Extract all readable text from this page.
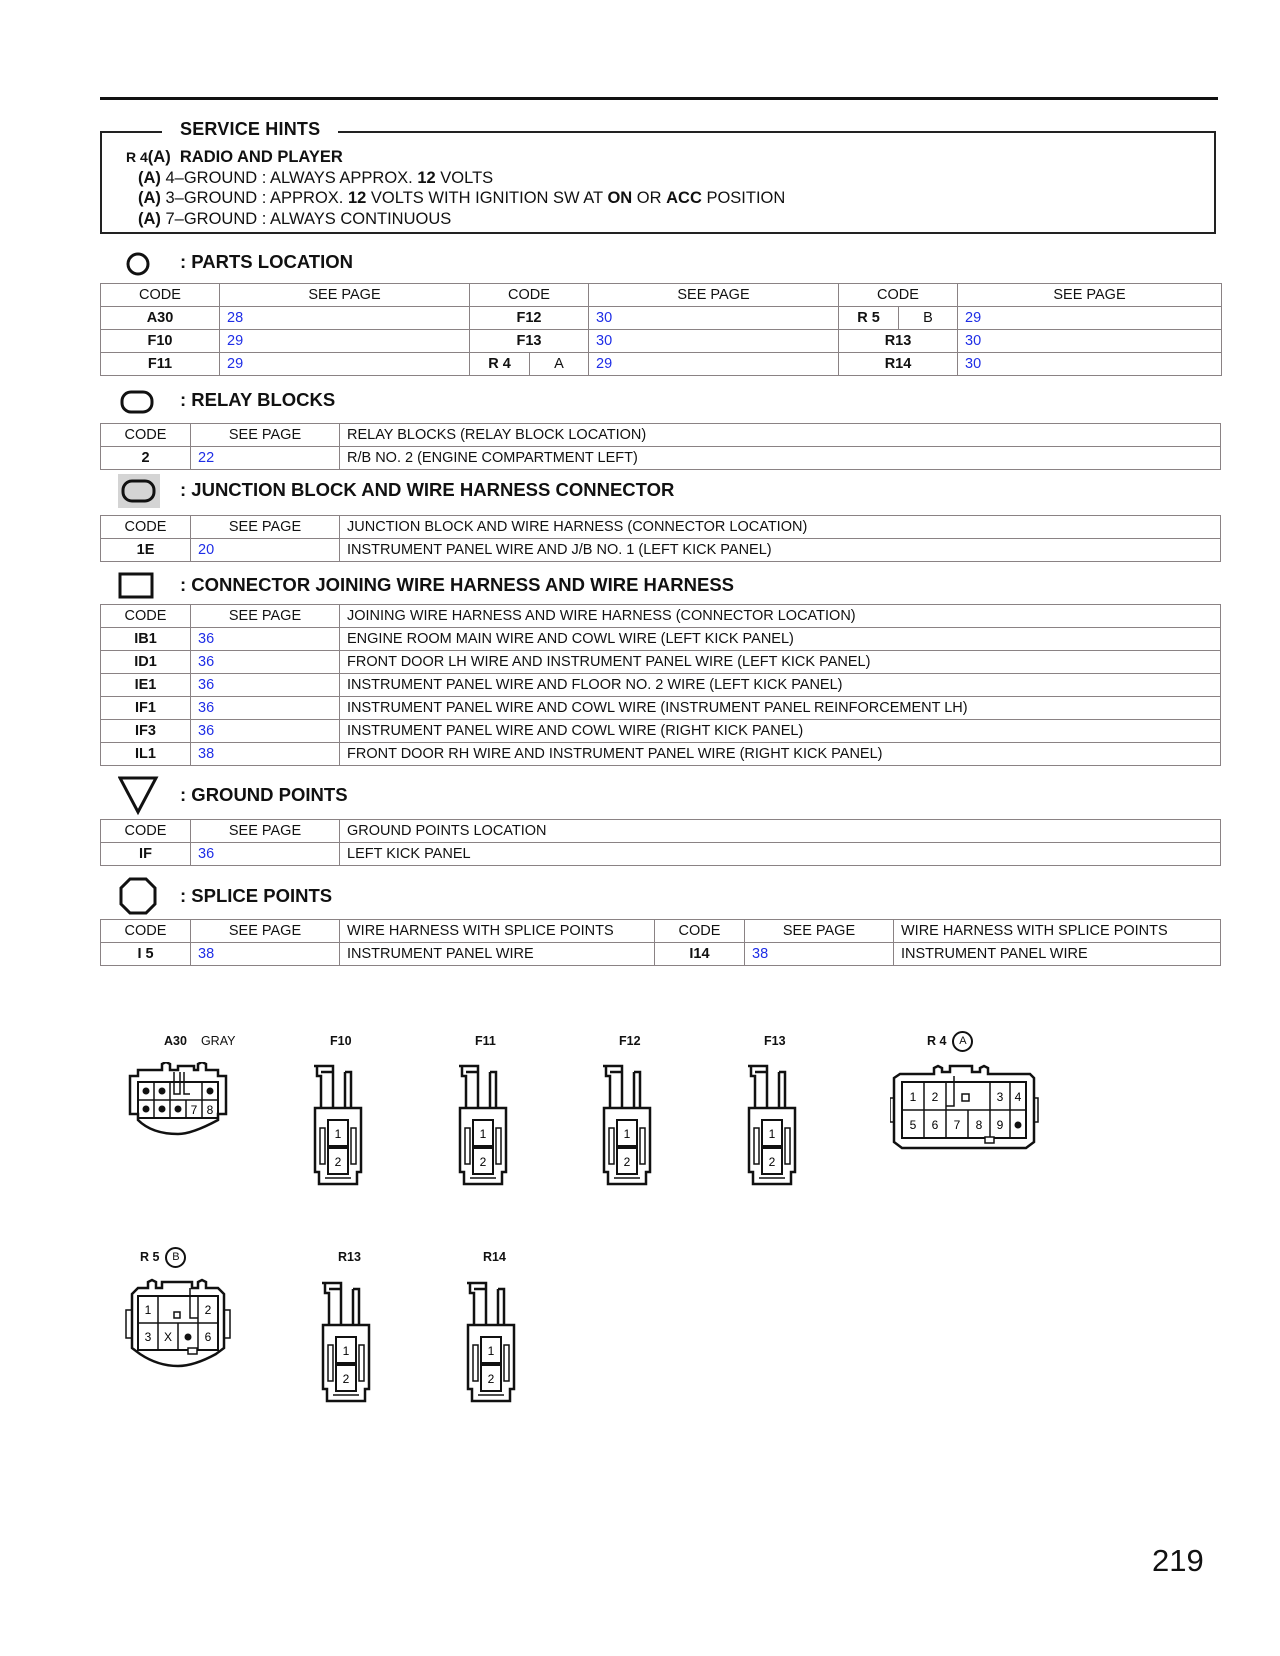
SERVICE HINTS
R 4(A) RADIO AND PLAYER
(A) 4–GROUND : ALWAYS APPROX. 12 VOLTS
(A) 3–GROUND : APPROX. 12 VOLTS WITH IGNITION SW AT ON OR ACC POSITION
(A) 7–GROUND : ALWAYS CONTINUOUS
: PARTS LOCATION
CODE	SEE PAGE	CODE		SEE PAGE	CODE		SEE PAGE
A30	28	F12		30	R 5	B	29
F10	29	F13		30	R13		30
F11	29	R 4	A	29	R14		30
: RELAY BLOCKS
CODE	SEE PAGE	RELAY BLOCKS (RELAY BLOCK LOCATION)
2	22	R/B NO. 2 (ENGINE COMPARTMENT LEFT)
: JUNCTION BLOCK AND WIRE HARNESS CONNECTOR
CODE	SEE PAGE	JUNCTION BLOCK AND WIRE HARNESS (CONNECTOR LOCATION)
1E	20	INSTRUMENT PANEL WIRE AND J/B NO. 1 (LEFT KICK PANEL)
: CONNECTOR JOINING WIRE HARNESS AND WIRE HARNESS
CODE	SEE PAGE	JOINING WIRE HARNESS AND WIRE HARNESS (CONNECTOR LOCATION)
IB1	36	ENGINE ROOM MAIN WIRE AND COWL WIRE (LEFT KICK PANEL)
ID1	36	FRONT DOOR LH WIRE AND INSTRUMENT PANEL WIRE (LEFT KICK PANEL)
IE1	36	INSTRUMENT PANEL WIRE AND FLOOR NO. 2 WIRE (LEFT KICK PANEL)
IF1	36	INSTRUMENT PANEL WIRE AND COWL WIRE (INSTRUMENT PANEL REINFORCEMENT LH)
IF3	36	INSTRUMENT PANEL WIRE AND COWL WIRE (RIGHT KICK PANEL)
IL1	38	FRONT DOOR RH WIRE AND INSTRUMENT PANEL WIRE (RIGHT KICK PANEL)
: GROUND POINTS
CODE	SEE PAGE	GROUND POINTS LOCATION
IF	36	LEFT KICK PANEL
: SPLICE POINTS
CODE	SEE PAGE	WIRE HARNESS WITH SPLICE POINTS	CODE	SEE PAGE	WIRE HARNESS WITH SPLICE POINTS
I 5	38	INSTRUMENT PANEL WIRE	I14	38	INSTRUMENT PANEL WIRE
A30 GRAY
7 8
F10
1
2
F11
1
2
F12
1
2
F13
1
2
R 4 A
1 2	3 4
5 6 7 8 9
R 5 B
1	2
3 X	6
R13
1
2
R14
1
2
219
